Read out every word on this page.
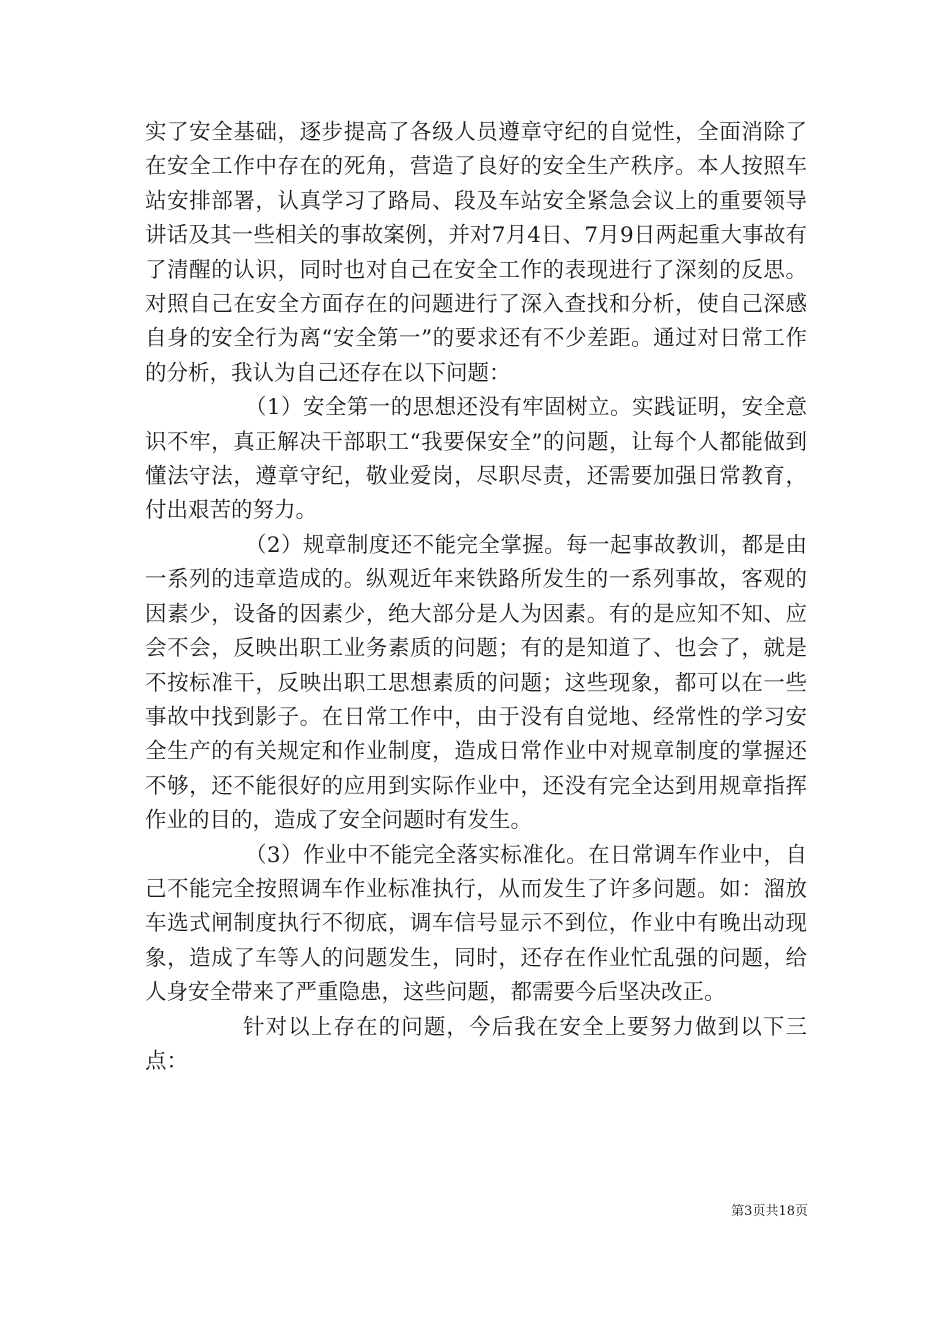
实了安全基础，逐步提高了各级人员遵章守纪的自觉性，全面消除了在安全工作中存在的死角，营造了良好的安全生产秩序。本人按照车站安排部署，认真学习了路局、段及车站安全紧急会议上的重要领导讲话及其一些相关的事故案例，并对7月4日、7月9日两起重大事故有了清醒的认识，同时也对自己在安全工作的表现进行了深刻的反思。对照自己在安全方面存在的问题进行了深入查找和分析，使自己深感自身的安全行为离“安全第一”的要求还有不少差距。通过对日常工作的分析，我认为自己还存在以下问题：

（1）安全第一的思想还没有牢固树立。实践证明，安全意识不牢，真正解决干部职工“我要保安全”的问题，让每个人都能做到懂法守法，遵章守纪，敬业爱岗，尽职尽责，还需要加强日常教育，付出艰苦的努力。

（2）规章制度还不能完全掌握。每一起事故教训，都是由一系列的违章造成的。纵观近年来铁路所发生的一系列事故，客观的因素少，设备的因素少，绝大部分是人为因素。有的是应知不知、应会不会，反映出职工业务素质的问题；有的是知道了、也会了，就是不按标准干，反映出职工思想素质的问题；这些现象，都可以在一些事故中找到影子。在日常工作中，由于没有自觉地、经常性的学习安全生产的有关规定和作业制度，造成日常作业中对规章制度的掌握还不够，还不能很好的应用到实际作业中，还没有完全达到用规章指挥作业的目的，造成了安全问题时有发生。

（3）作业中不能完全落实标准化。在日常调车作业中，自己不能完全按照调车作业标准执行，从而发生了许多问题。如：溜放车选式闸制度执行不彻底，调车信号显示不到位，作业中有晚出动现象，造成了车等人的问题发生，同时，还存在作业忙乱强的问题，给人身安全带来了严重隐患，这些问题，都需要今后坚决改正。

针对以上存在的问题，今后我在安全上要努力做到以下三点：

第3页共18页
